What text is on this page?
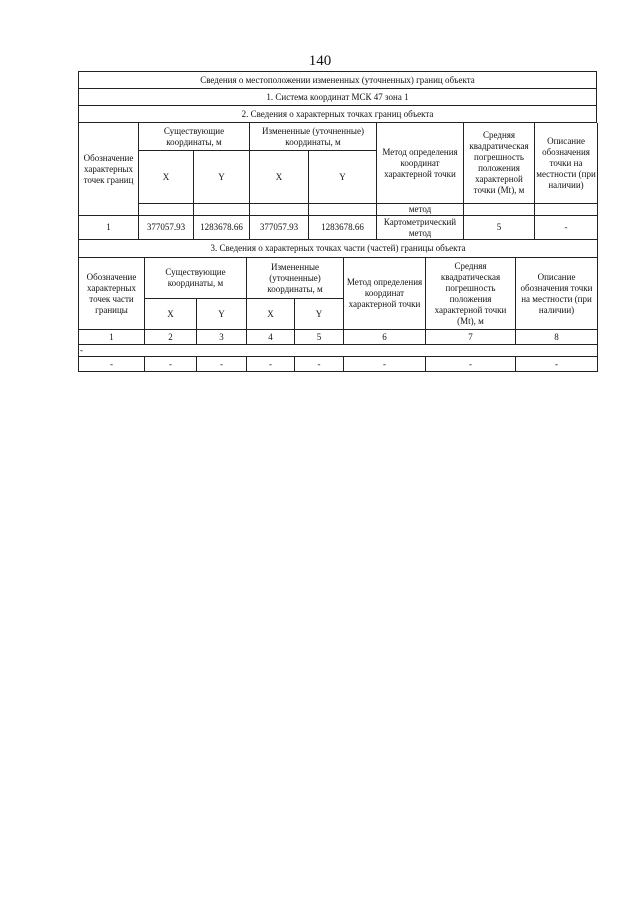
140
Сведения о местоположении измененных (уточненных) границ объекта
1. Система координат МСК 47 зона 1
2. Сведения о характерных точках границ объекта
Обозначение характерных точек границ	Существующие координаты, м		Измененные (уточненные) координаты, м		Метод определения координат характерной точки	Средняя квадратическая погрешность положения характерной точки (Mt), м	Описание обозначения точки на местности (при наличии)
	X	Y	X	Y			
					метод		
1	377057.93	1283678.66	377057.93	1283678.66	Картометрический метод	5	-
3. Сведения о характерных точках части (частей) границы объекта							
Обозначение характерных точек части границы	Существующие координаты, м		Измененные (уточненные) координаты, м		Метод определения координат характерной точки	Средняя квадратическая погрешность положения характерной точки (Mt), м	Описание обозначения точки на местности (при наличии)
	X	Y	X	Y			
1	2	3	4	5	6	7	8
-							
-	-	-	-	-	-	-	-
